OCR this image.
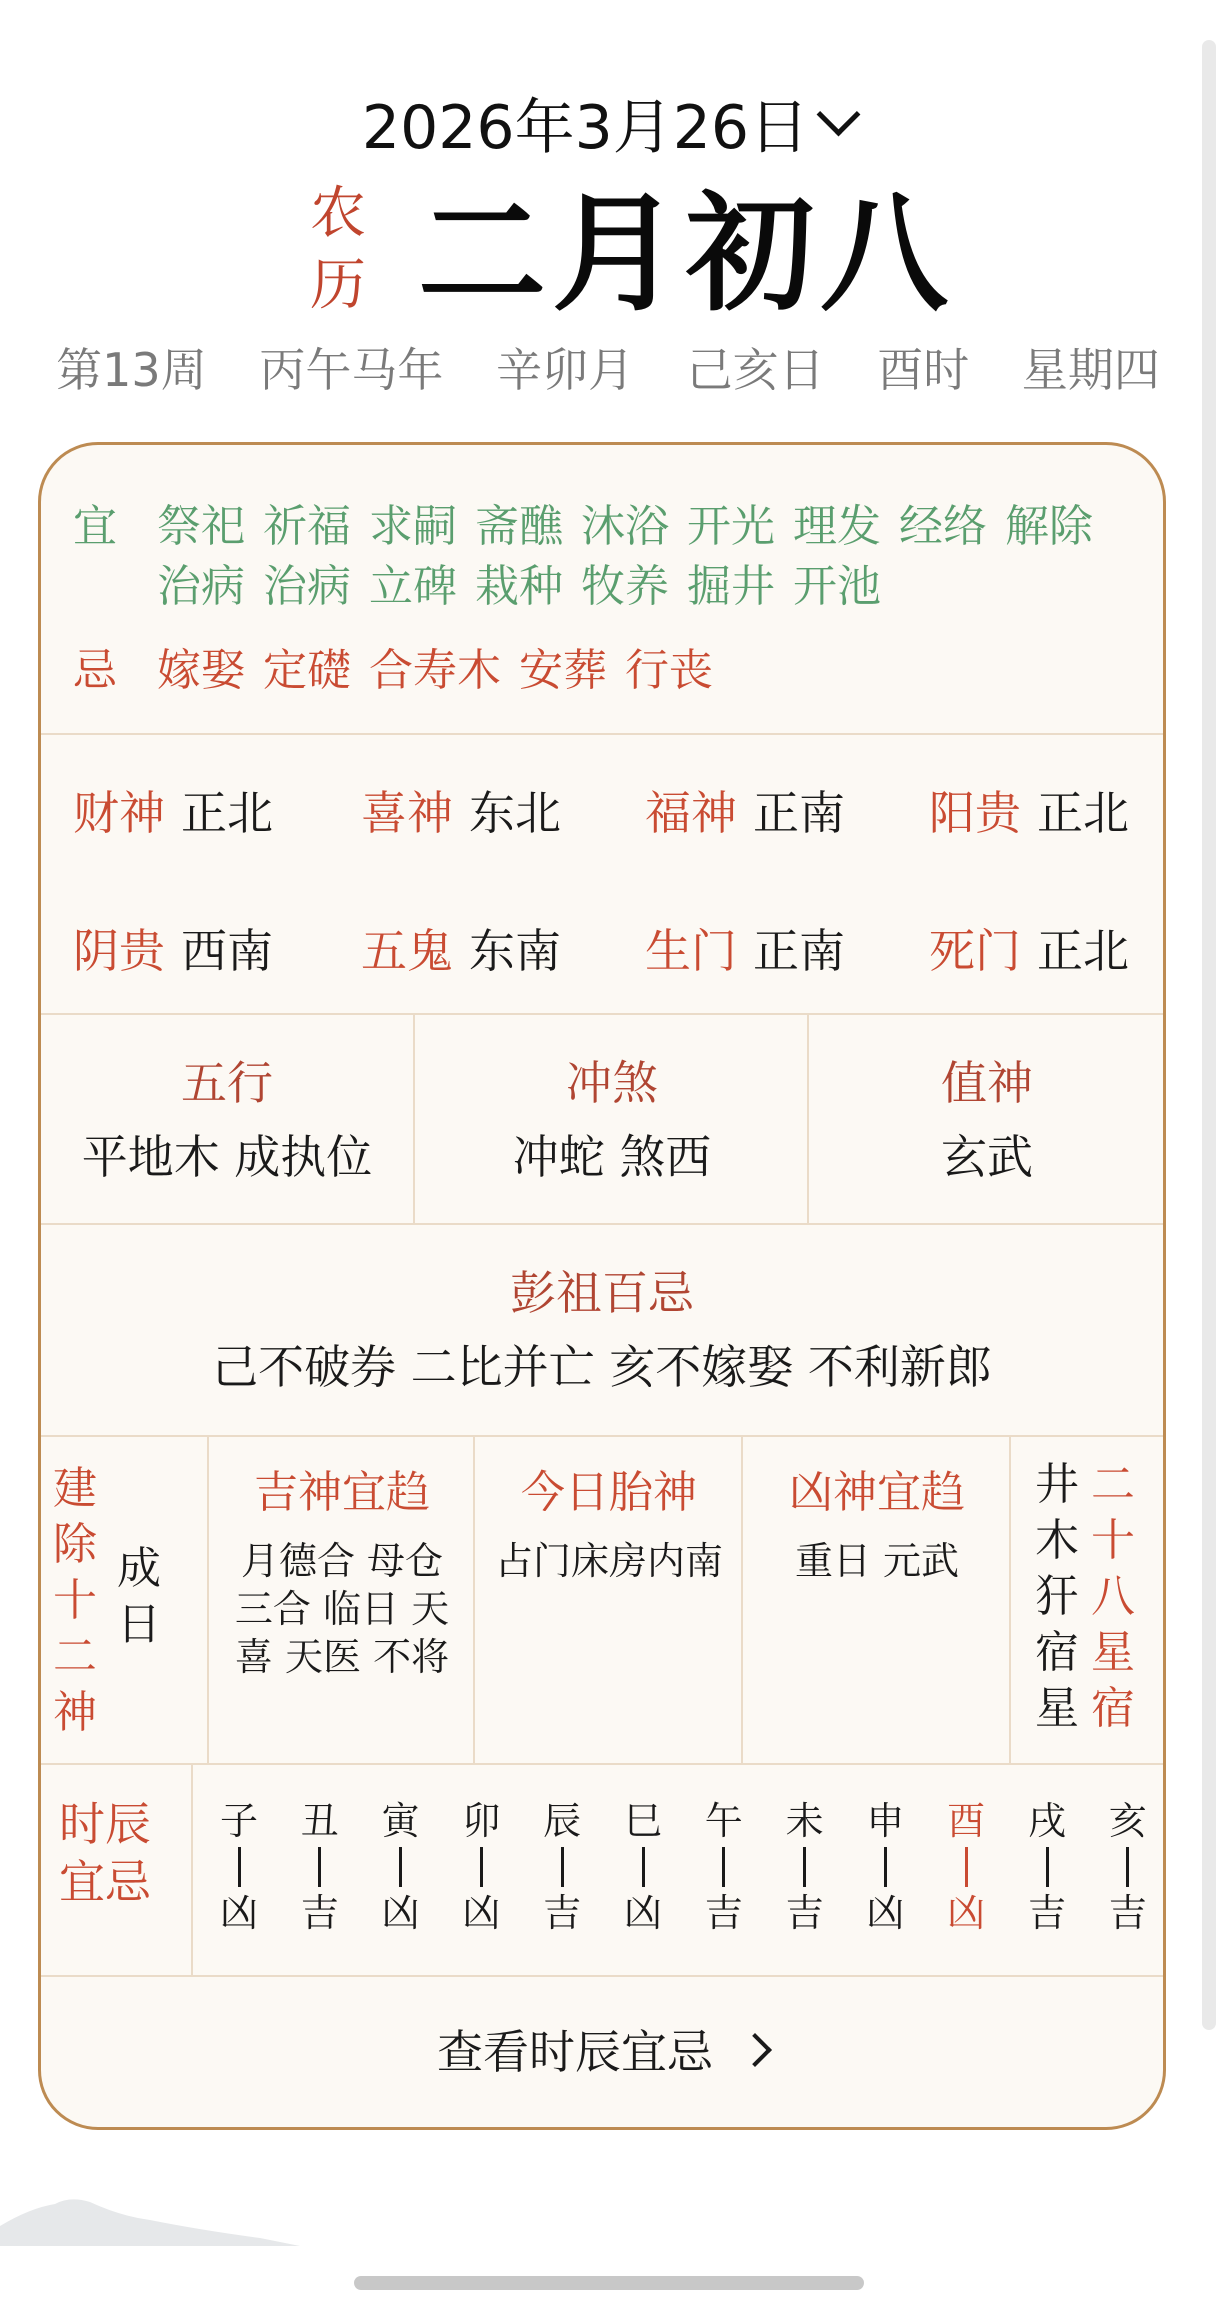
2026年3月26日
农
历 二月初八
第13周 丙午马年 辛卯月 己亥日 酉时 星期四
宜 祭祀 祈福 求嗣 斋醮 沐浴 开光 理发 经络 解除治病 治病 立碑 栽种 牧养 掘井 开池
忌 嫁娶 定礎 合寿木 安葬 行丧
财神 正北 喜神 东北 福神 正南 阳贵 正北
阴贵 西南 五鬼 东南 生门 正南 死门 正北
五行
平地木 成执位
冲煞
冲蛇 煞西
值神
玄武
彭祖百忌
己不破券 二比并亡 亥不嫁娶 不利新郎
建除十二神
成日
吉神宜趋
月德合 母仓 三合 临日 天喜 天医 不将
今日胎神
占门床房内南
凶神宜趋
重日 元武
井木犴宿星
二十八星宿
时辰宜忌
子
凶
丑
吉
寅
凶
卯
凶
辰
吉
巳
凶
午
吉
未
吉
申
凶
酉
凶
戌
吉
亥
吉
查看时辰宜忌
